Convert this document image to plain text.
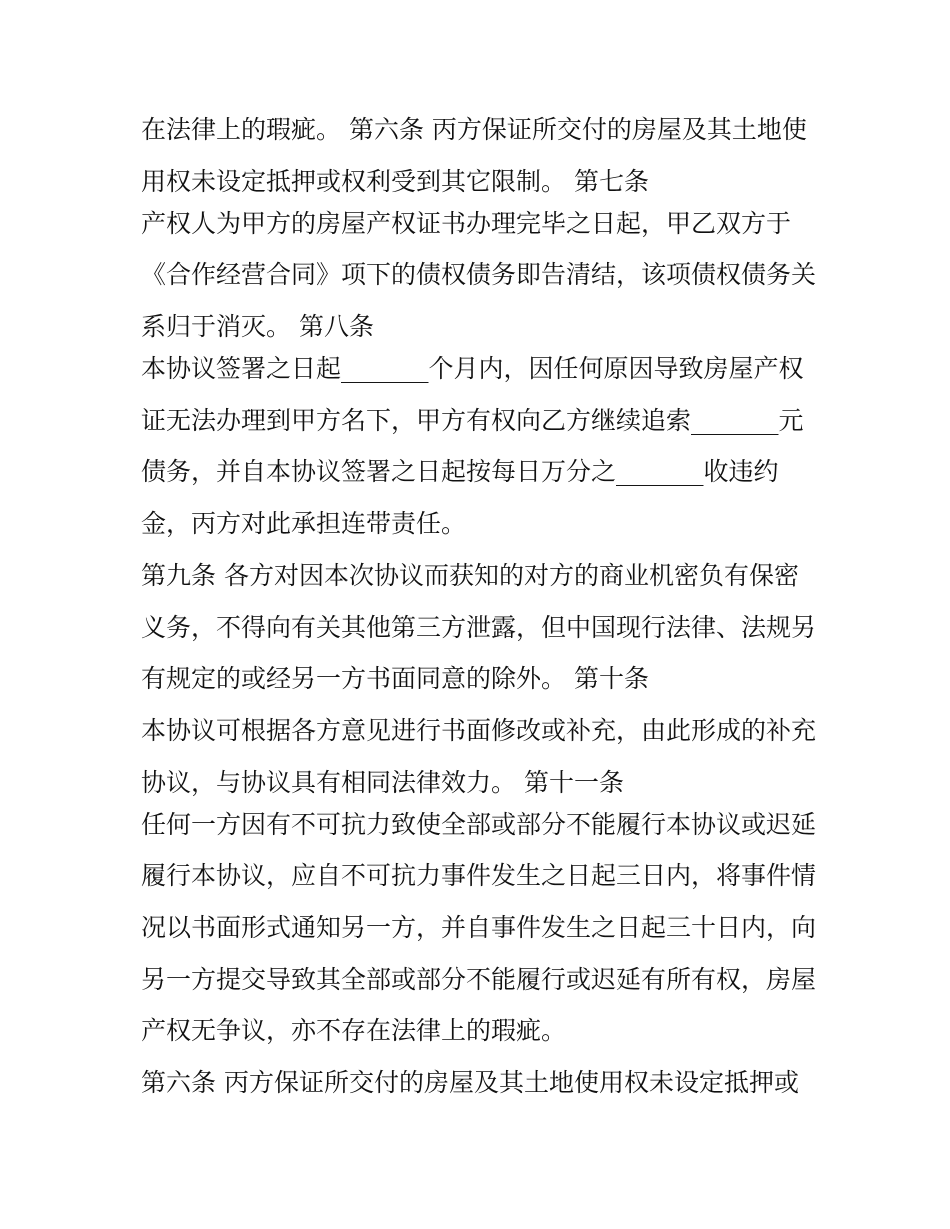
在法律上的瑕疵。 第六条 丙方保证所交付的房屋及其土地使
用权未设定抵押或权利受到其它限制。 第七条
产权人为甲方的房屋产权证书办理完毕之日起，甲乙双方于
《合作经营合同》项下的债权债务即告清结，该项债权债务关
系归于消灭。 第八条
本协议签署之日起_______个月内，因任何原因导致房屋产权
证无法办理到甲方名下，甲方有权向乙方继续追索_______元
债务，并自本协议签署之日起按每日万分之_______收违约
金，丙方对此承担连带责任。
第九条 各方对因本次协议而获知的对方的商业机密负有保密
义务，不得向有关其他第三方泄露，但中国现行法律、法规另
有规定的或经另一方书面同意的除外。 第十条
本协议可根据各方意见进行书面修改或补充，由此形成的补充
协议，与协议具有相同法律效力。 第十一条
任何一方因有不可抗力致使全部或部分不能履行本协议或迟延
履行本协议，应自不可抗力事件发生之日起三日内，将事件情
况以书面形式通知另一方，并自事件发生之日起三十日内，向
另一方提交导致其全部或部分不能履行或迟延有所有权，房屋
产权无争议，亦不存在法律上的瑕疵。
第六条 丙方保证所交付的房屋及其土地使用权未设定抵押或
